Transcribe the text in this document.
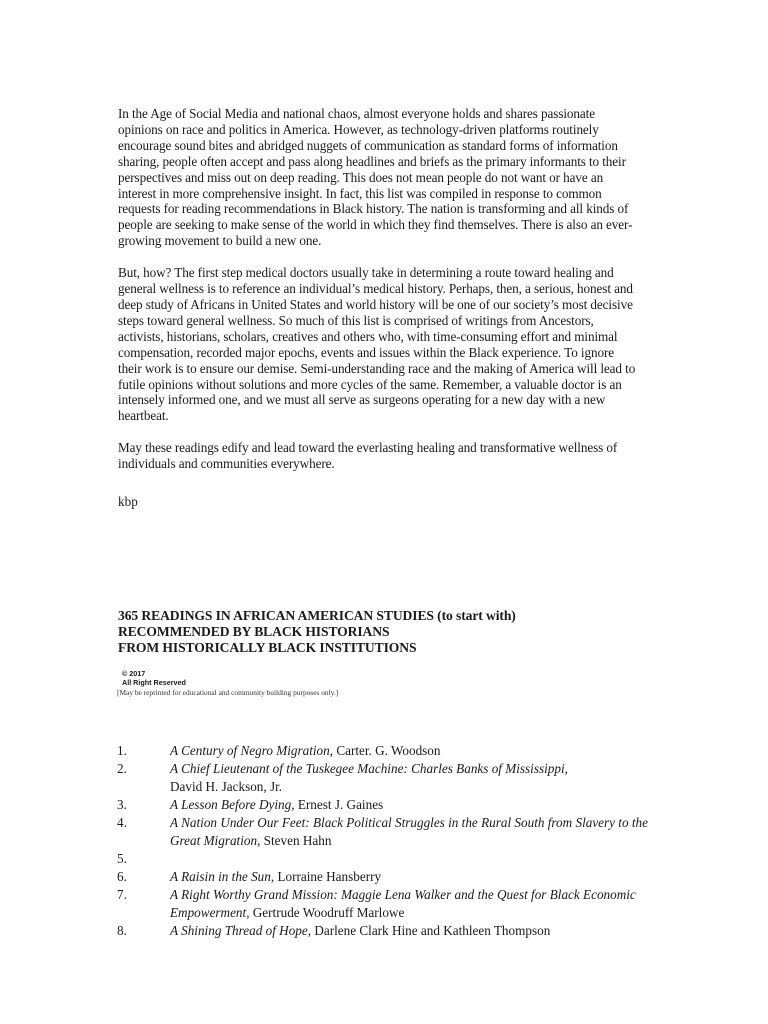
In the Age of Social Media and national chaos, almost everyone holds and shares passionate opinions on race and politics in America. However, as technology-driven platforms routinely encourage sound bites and abridged nuggets of communication as standard forms of information sharing, people often accept and pass along headlines and briefs as the primary informants to their perspectives and miss out on deep reading. This does not mean people do not want or have an interest in more comprehensive insight. In fact, this list was compiled in response to common requests for reading recommendations in Black history. The nation is transforming and all kinds of people are seeking to make sense of the world in which they find themselves. There is also an ever-growing movement to build a new one.

But, how? The first step medical doctors usually take in determining a route toward healing and general wellness is to reference an individual’s medical history. Perhaps, then, a serious, honest and deep study of Africans in United States and world history will be one of our society’s most decisive steps toward general wellness. So much of this list is comprised of writings from Ancestors, activists, historians, scholars, creatives and others who, with time-consuming effort and minimal compensation, recorded major epochs, events and issues within the Black experience. To ignore their work is to ensure our demise. Semi-understanding race and the making of America will lead to futile opinions without solutions and more cycles of the same. Remember, a valuable doctor is an intensely informed one, and we must all serve as surgeons operating for a new day with a new heartbeat.

May these readings edify and lead toward the everlasting healing and transformative wellness of individuals and communities everywhere.

kbp

365 READINGS IN AFRICAN AMERICAN STUDIES (to start with)
RECOMMENDED BY BLACK HISTORIANS
FROM HISTORICALLY BLACK INSTITUTIONS
© 2017
All Right Reserved
[May be reprinted for educational and community building purposes only.]
1.	A Century of Negro Migration, Carter. G. Woodson
2.	A Chief Lieutenant of the Tuskegee Machine: Charles Banks of Mississippi,
David H. Jackson, Jr.
3.	A Lesson Before Dying, Ernest J. Gaines
4.	A Nation Under Our Feet: Black Political Struggles in the Rural South from Slavery to the Great Migration, Steven Hahn
5.
6.	A Raisin in the Sun, Lorraine Hansberry
7.	A Right Worthy Grand Mission: Maggie Lena Walker and the Quest for Black Economic Empowerment, Gertrude Woodruff Marlowe
8.	A Shining Thread of Hope, Darlene Clark Hine and Kathleen Thompson
